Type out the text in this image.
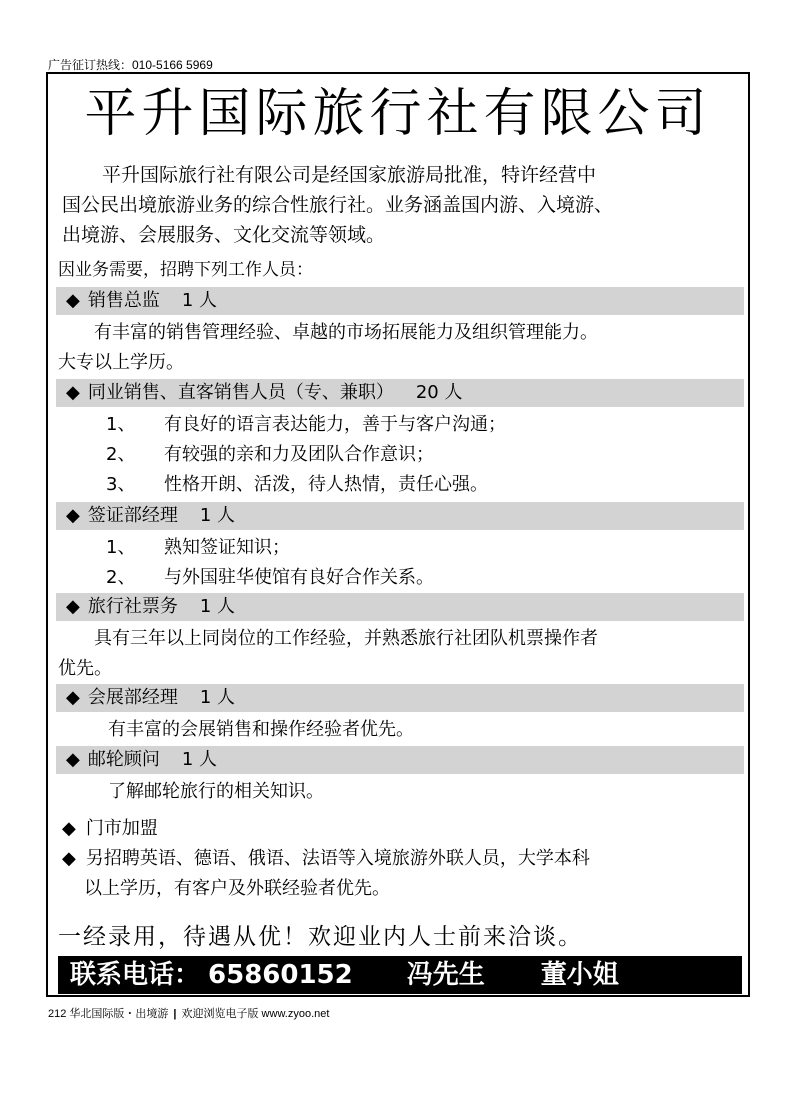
广告征订热线：010-5166 5969
平升国际旅行社有限公司
平升国际旅行社有限公司是经国家旅游局批准，特许经营中
国公民出境旅游业务的综合性旅行社。业务涵盖国内游、入境游、
出境游、会展服务、文化交流等领域。
因业务需要，招聘下列工作人员：
◆ 销售总监 1 人
有丰富的销售管理经验、卓越的市场拓展能力及组织管理能力。
大专以上学历。
◆ 同业销售、直客销售人员（专、兼职） 20 人
1、 有良好的语言表达能力，善于与客户沟通；
2、 有较强的亲和力及团队合作意识；
3、 性格开朗、活泼，待人热情，责任心强。
◆ 签证部经理 1 人
1、 熟知签证知识；
2、 与外国驻华使馆有良好合作关系。
◆ 旅行社票务 1 人
具有三年以上同岗位的工作经验，并熟悉旅行社团队机票操作者
优先。
◆ 会展部经理 1 人
有丰富的会展销售和操作经验者优先。
◆ 邮轮顾问 1 人
了解邮轮旅行的相关知识。
◆ 门市加盟
◆ 另招聘英语、德语、俄语、法语等入境旅游外联人员，大学本科
以上学历，有客户及外联经验者优先。
一经录用，待遇从优！欢迎业内人士前来洽谈。
联系电话： 65860152 冯先生 董小姐
212 华北国际版・出境游 | 欢迎浏览电子版 www.zyoo.net
